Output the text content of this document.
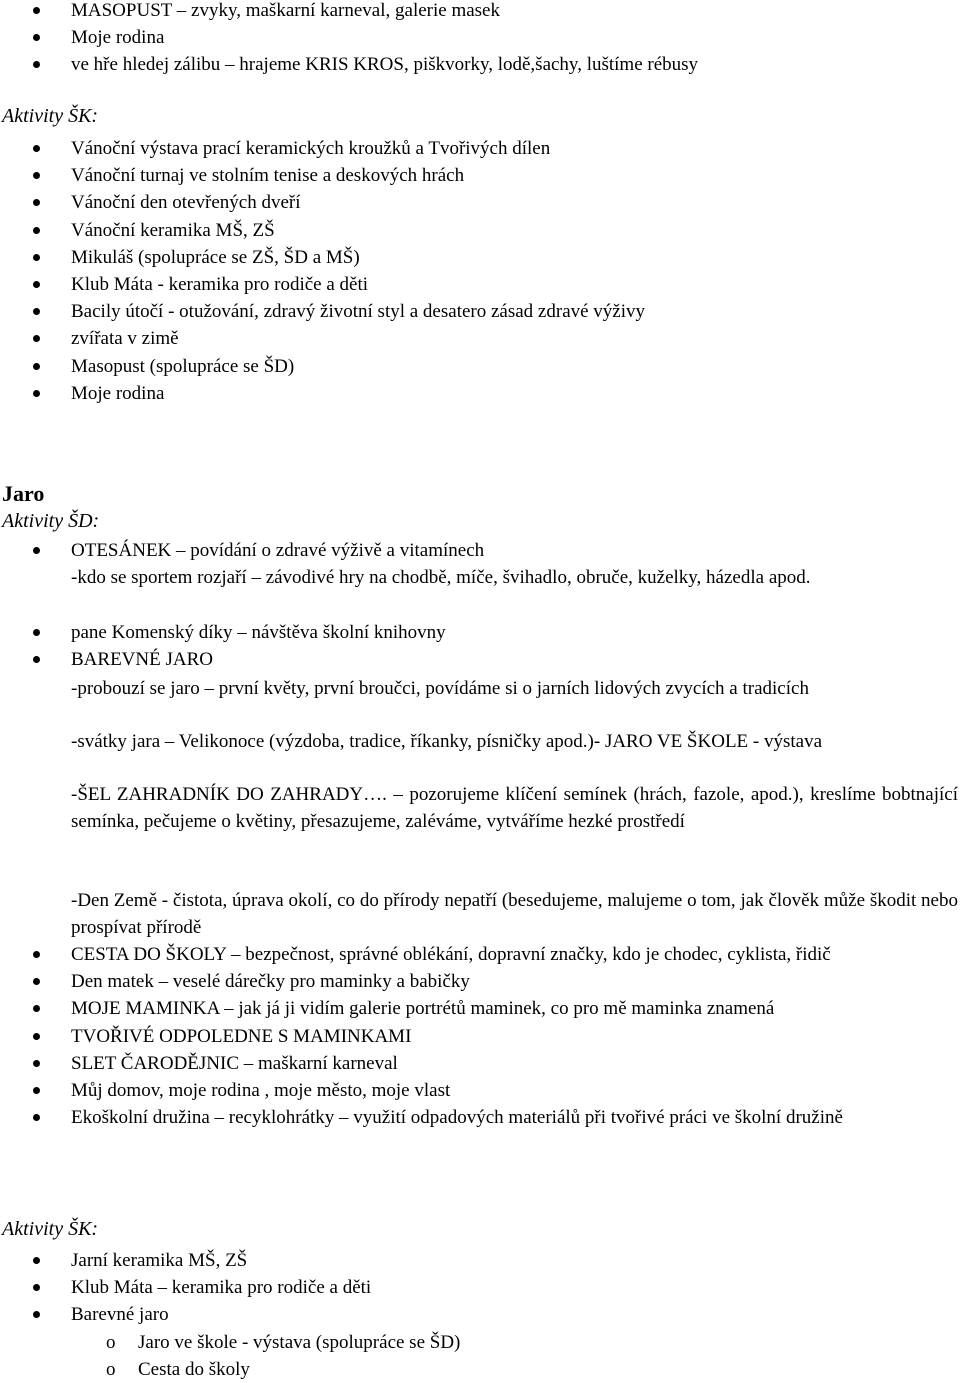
MASOPUST – zvyky, maškarní karneval, galerie masek
Moje rodina
ve hře hledej zálibu – hrajeme KRIS KROS, piškvorky, lodě,šachy, luštíme rébusy
Aktivity ŠK:
Vánoční výstava prací keramických kroužků a Tvořivých dílen
Vánoční turnaj ve stolním tenise a deskových hrách
Vánoční den otevřených dveří
Vánoční keramika MŠ, ZŠ
Mikuláš (spolupráce se ZŠ, ŠD a MŠ)
Klub Máta - keramika pro rodiče a děti
Bacily útočí - otužování, zdravý životní styl a desatero zásad zdravé výživy
zvířata v zimě
Masopust (spolupráce se ŠD)
Moje rodina
Jaro
Aktivity ŠD:
OTESÁNEK – povídání o zdravé výživě a vitamínech
-kdo se sportem rozjaří – závodivé hry na chodbě, míče, švihadlo, obruče, kuželky, házedla apod.
pane Komenský díky – návštěva školní knihovny
BAREVNÉ JARO
-probouzí se jaro – první květy, první broučci, povídáme si o jarních lidových zvycích a tradicích
-svátky jara – Velikonoce (výzdoba, tradice, říkanky, písničky apod.)- JARO VE ŠKOLE - výstava
-ŠEL ZAHRADNÍK DO ZAHRADY…. – pozorujeme klíčení semínek (hrách, fazole, apod.), kreslíme bobtnající semínka, pečujeme o květiny, přesazujeme, zaléváme, vytváříme hezké prostředí
-Den Země - čistota, úprava okolí, co do přírody nepatří (besedujeme, malujeme o tom, jak člověk může škodit nebo prospívat přírodě
CESTA DO ŠKOLY – bezpečnost, správné oblékání, dopravní značky, kdo je chodec, cyklista, řidič
Den matek – veselé dárečky pro maminky a babičky
MOJE MAMINKA – jak já ji vidím galerie portrétů maminek, co pro mě maminka znamená
TVOŘIVÉ ODPOLEDNE S MAMINKAMI
SLET ČARODĚJNIC – maškarní karneval
Můj domov, moje rodina , moje město, moje vlast
Ekoškolní družina – recyklohrátky – využití odpadových materiálů při tvořivé práci ve školní družině
Aktivity ŠK:
Jarní keramika MŠ, ZŠ
Klub Máta – keramika pro rodiče a děti
Barevné jaro
o Jaro ve škole - výstava (spolupráce se ŠD)
o Cesta do školy
